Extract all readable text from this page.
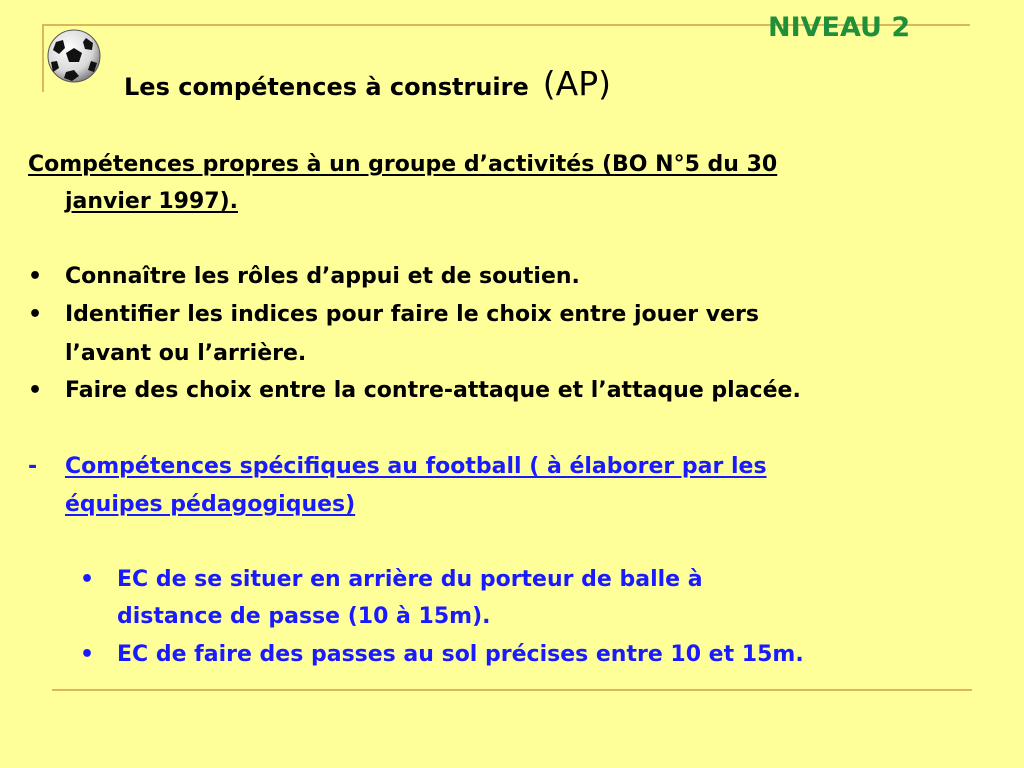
NIVEAU 2
Les compétences à construire (AP)
Compétences propres à un groupe d’activités (BO N°5 du 30
janvier 1997).
• Connaître les rôles d’appui et de soutien.
• Identifier les indices pour faire le choix entre jouer vers
l’avant ou l’arrière.
• Faire des choix entre la contre-attaque et l’attaque placée.
- Compétences spécifiques au football ( à élaborer par les
équipes pédagogiques)
• EC de se situer en arrière du porteur de balle à
distance de passe (10 à 15m).
• EC de faire des passes au sol précises entre 10 et 15m.
